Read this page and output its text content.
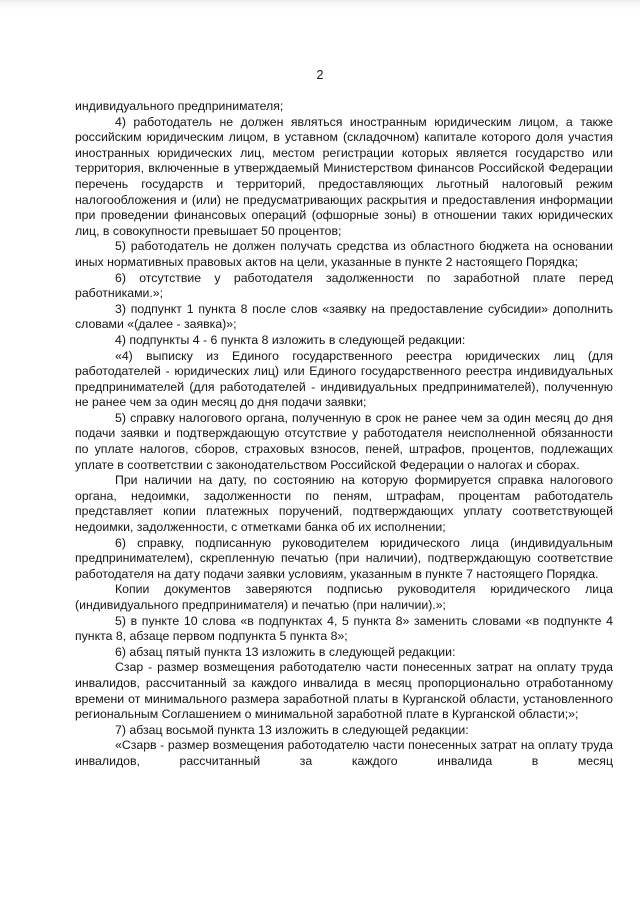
2

индивидуального предпринимателя;

4) работодатель не должен являться иностранным юридическим лицом, а также российским юридическим лицом, в уставном (складочном) капитале которого доля участия иностранных юридических лиц, местом регистрации которых является государство или территория, включенные в утверждаемый Министерством финансов Российской Федерации перечень государств и территорий, предоставляющих льготный налоговый режим налогообложения и (или) не предусматривающих раскрытия и предоставления информации при проведении финансовых операций (офшорные зоны) в отношении таких юридических лиц, в совокупности превышает 50 процентов;

5) работодатель не должен получать средства из областного бюджета на основании иных нормативных правовых актов на цели, указанные в пункте 2 настоящего Порядка;

6) отсутствие у работодателя задолженности по заработной плате перед работниками.»;

3) подпункт 1 пункта 8 после слов «заявку на предоставление субсидии» дополнить словами «(далее - заявка)»;

4) подпункты 4 - 6 пункта 8 изложить в следующей редакции:

«4) выписку из Единого государственного реестра юридических лиц (для работодателей - юридических лиц) или Единого государственного реестра индивидуальных предпринимателей (для работодателей - индивидуальных предпринимателей), полученную не ранее чем за один месяц до дня подачи заявки;

5) справку налогового органа, полученную в срок не ранее чем за один месяц до дня подачи заявки и подтверждающую отсутствие у работодателя неисполненной обязанности по уплате налогов, сборов, страховых взносов, пеней, штрафов, процентов, подлежащих уплате в соответствии с законодательством Российской Федерации о налогах и сборах.

При наличии на дату, по состоянию на которую формируется справка налогового органа, недоимки, задолженности по пеням, штрафам, процентам работодатель представляет копии платежных поручений, подтверждающих уплату соответствующей недоимки, задолженности, с отметками банка об их исполнении;

6) справку, подписанную руководителем юридического лица (индивидуальным предпринимателем), скрепленную печатью (при наличии), подтверждающую соответствие работодателя на дату подачи заявки условиям, указанным в пункте 7 настоящего Порядка.

Копии документов заверяются подписью руководителя юридического лица (индивидуального предпринимателя) и печатью (при наличии).»;

5) в пункте 10 слова «в подпунктах 4, 5 пункта 8» заменить словами «в подпункте 4 пункта 8, абзаце первом подпункта 5 пункта 8»;

6) абзац пятый пункта 13 изложить в следующей редакции:

Сзар - размер возмещения работодателю части понесенных затрат на оплату труда инвалидов, рассчитанный за каждого инвалида в месяц пропорционально отработанному времени от минимального размера заработной платы в Курганской области, установленного региональным Соглашением о минимальной заработной плате в Курганской области;»;

7) абзац восьмой пункта 13 изложить в следующей редакции:

«Сзарв - размер возмещения работодателю части понесенных затрат на оплату труда инвалидов, рассчитанный за каждого инвалида в месяц
